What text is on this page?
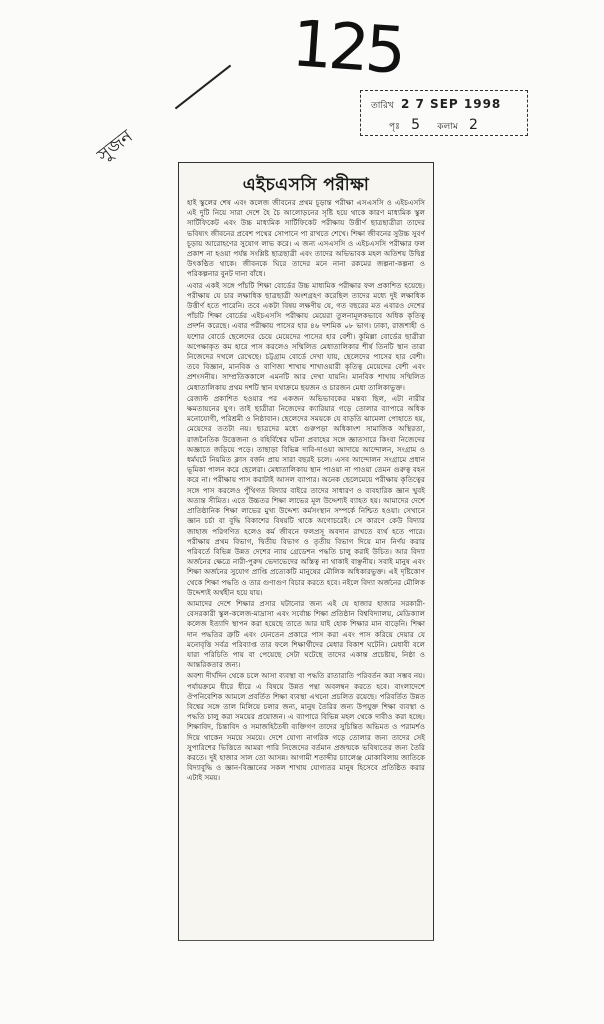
125
তারিখ 2 7 SEP 1998
পৃঃ 5 কলাম 2
সুজন
এইচএসসি পরীক্ষা

হাই স্কুলের শেষ এবং কলেজ জীবনের প্রথম চূড়ান্ত পরীক্ষা এসএসসি ও এইচএসসি এই দুটি নিয়ে সারা দেশে হৈ চৈ আলোড়নের সৃষ্টি হয়ে থাকে কারণ মাধ্যমিক স্কুল সার্টিফিকেট এবং উচ্চ মাধ্যমিক সার্টিফিকেট পরীক্ষায় উত্তীর্ণ ছাত্রছাত্রীরা তাদের ভবিষ্যৎ জীবনের প্রবেশ পথের সোপানে পা রাখতে শেখে। শিক্ষা জীবনের সুউচ্চ সুবর্ণ চূড়ায় আরোহণের সুযোগ লাভ করে। এ জন্য এসএসসি ও এইচএসসি পরীক্ষার ফল প্রকাশ না হওয়া পর্যন্ত সংশ্লিষ্ট ছাত্রছাত্রী এবং তাদের অভিভাবক মহল অতিশয় উদ্বিগ্ন উৎকণ্ঠিত থাকে। জীবনকে ঘিরে তাদের মনে নানা রকমের জল্পনা-কল্পনা ও পরিকল্পনার বুনট দানা বাঁধে।

এবার একই সঙ্গে পাঁচটি শিক্ষা বোর্ডের উচ্চ মাধ্যমিক পরীক্ষার ফল প্রকাশিত হয়েছে। পরীক্ষায় যে চার লক্ষাধিক ছাত্রছাত্রী অংশগ্রহণ করেছিল তাদের মধ্যে দুই লক্ষাধিক উত্তীর্ণ হতে পারেনি। তবে একটা বিষয় লক্ষণীয় যে, গত বছরের মত এবারও দেশের পাঁচটি শিক্ষা বোর্ডের এইচএসসি পরীক্ষায় মেয়েরা তুলনামূলকভাবে অধিক কৃতিত্ব প্রদর্শন করেছে। এবার পরীক্ষায় পাসের হার ৪৬ দশমিক ০৮ ভাগ। ঢাকা, রাজশাহী ও যশোর বোর্ডে ছেলেদের চেয়ে মেয়েদের পাসের হার বেশী। কুমিল্লা বোর্ডের ছাত্রীরা অপেক্ষাকৃত কম হারে পাস করলেও সম্মিলিত মেধাতালিকার শীর্ষ তিনটি স্থান তারা নিজেদের দখলে রেখেছে। চট্টগ্রাম বোর্ডে দেখা যায়, ছেলেদের পাসের হার বেশী। তবে বিজ্ঞান, মানবিক ও বাণিজ্য শাখায় শাখাওয়ারী কৃতিত্ব মেয়েদের বেশী এবং প্রশংসনীয়। সাম্প্রতিককালে এমনটি আর দেখা যায়নি। মানবিক শাখায় সম্মিলিত মেধাতালিকায় প্রথম দশটি স্থান যথাক্রমে ছয়জন ও চারজন মেধা তালিকাভুক্ত।

রেজাল্ট প্রকাশিত হওয়ার পর একজন অভিভাবকের মন্তব্য ছিল, এটা নারীর ক্ষমতায়নের যুগ। তাই ছাত্রীরা নিজেদের ক্যারিয়ার গড়ে তোলার ব্যাপারে অধিক মনোযোগী, পরিশ্রমী ও নিষ্ঠাবান। ছেলেদের সময়কে যে বাড়তি ঝামেলা পোহাতে হয়, মেয়েদের ততটা নয়। ছাত্রদের মধ্যে গুরুপড়া অধিকাংশ সামাজিক অস্থিরতা, রাজনৈতিক উত্তেজনা ও বহির্বিশ্বের ঘটনা প্রবাহের সঙ্গে জ্ঞাতসারে কিংবা নিজেদের অজ্ঞাতে জড়িয়ে পড়ে। তাছাড়া বিভিন্ন দাবি-দাওয়া আদায়ে আন্দোলন, সংগ্রাম ও ধর্মঘটে নিয়মিত ক্লাস বর্জন প্রায় সারা বছরই চলে। এসব আন্দোলন সংগ্রামে প্রধান ভূমিকা পালন করে ছেলেরা। মেধাতালিকায় স্থান পাওয়া না পাওয়া তেমন গুরুত্ব বহন করে না। পরীক্ষায় পাস করাটাই আসল ব্যাপার। অনেক ছেলেমেয়ে পরীক্ষায় কৃতিত্বের সঙ্গে পাস করলেও পুঁথিগত বিদ্যার বাইরে তাদের সাধারণ ও ব্যবহারিক জ্ঞান খুবই অত্যন্ত সীমিত। এতে উচ্চতর শিক্ষা লাভের মূল উদ্দেশ্যই ব্যাহত হয়। আমাদের দেশে প্রাতিষ্ঠানিক শিক্ষা লাভের মুখ্য উদ্দেশ্য কর্মসংস্থান সম্পর্কে নিশ্চিত হওয়া। সেখানে জ্ঞান চর্চা বা বুদ্ধি বিকাশের বিষয়টি থাকে অগোচরেই। সে কারণে কেউ বিদ্যার জাহাজ পরিগণিত হলেও কর্ম জীবনে ফলপ্রসূ অবদান রাখতে ব্যর্থ হতে পারে। পরীক্ষায় প্রথম বিভাগ, দ্বিতীয় বিভাগ ও তৃতীয় বিভাগ দিয়ে মান নির্ণয় করার পরিবর্তে বিভিন্ন উন্নত দেশের ন্যায় গ্রেডেশন পদ্ধতি চালু করাই উচিত। আর বিদ্যা অর্জনের ক্ষেত্রে নারী-পুরুষ ভেদাভেদের অস্তিত্ব না থাকাই বাঞ্ছনীয়। সবাই মানুষ এবং শিক্ষা অর্জনের সুযোগ প্রাপ্তি প্রত্যেকটি মানুষের মৌলিক অধিকারভুক্ত। এই দৃষ্টিকোণ থেকে শিক্ষা পদ্ধতি ও তার গুণাগুণ বিচার করতে হবে। নইলে বিদ্যা অর্জনের মৌলিক উদ্দেশ্যই অর্থহীন হয়ে যায়।

আমাদের দেশে শিক্ষার প্রসার ঘটানোর জন্য এই যে হাজার হাজার সরকারী-বেসরকারী স্কুল-কলেজ-মাদ্রাসা এবং সর্বোচ্চ শিক্ষা প্রতিষ্ঠান বিশ্ববিদ্যালয়, মেডিক্যাল কলেজ ইত্যাদি স্থাপন করা হয়েছে তাতে আর যাই হোক শিক্ষার মান বাড়েনি। শিক্ষা দান পদ্ধতির ত্রুটি এবং যেনতেন প্রকারে পাস করা এবং পাস করিয়ে দেয়ার যে মনোবৃত্তি সর্বত্র পরিব্যাপ্ত তার ফলে শিক্ষার্থীদের মেধার বিকাশ ঘটেনি। মেধাবী বলে যারা পরিচিতি পায় বা পেয়েছে সেটা ঘটেছে তাদের একান্ত প্রচেষ্টায়, নিষ্ঠা ও আন্তরিকতার জন্য।

অবশ্য দীর্ঘদিন থেকে চলে আসা ব্যবস্থা বা পদ্ধতি রাতারাতি পরিবর্তন করা সম্ভব নয়। পর্যায়ক্রমে ধীরে ধীরে এ বিষয়ে উন্নত পন্থা অবলম্বন করতে হবে। বাংলাদেশে ঔপনিবেশিক আমলে প্রবর্তিত শিক্ষা ব্যবস্থা এখনো প্রচলিত রয়েছে। পরিবর্তিত উন্নত বিশ্বের সঙ্গে তাল মিলিয়ে চলার জন্য, মানুষ তৈরির জন্য উপযুক্ত শিক্ষা ব্যবস্থা ও পদ্ধতি চালু করা সময়ের প্রয়োজন। এ ব্যাপারে বিভিন্ন মহল থেকে দাবীও করা হচ্ছে। শিক্ষাবিদ, চিন্তাবিদ ও সমাজহিতৈষী ব্যক্তিগণ তাদের সুচিন্তিত অভিমত ও পরামর্শও দিয়ে থাকেন সময়ে সময়ে। দেশে যোগ্য নাগরিক গড়ে তোলার জন্য তাদের সেই সুপারিশের ভিত্তিতে আমরা পারি নিজেদের বর্তমান প্রজন্মকে ভবিষ্যতের জন্য তৈরি করতে। দুই হাজার সাল তো আসন্ন। আগামী শতাব্দীর চ্যালেঞ্জ মোকাবিলায় জাতিকে বিদ্যাবুদ্ধি ও জ্ঞান-বিজ্ঞানের সকল শাখায় যোগ্যতর মানুষ হিসেবে প্রতিষ্ঠিত করার এটাই সময়।
